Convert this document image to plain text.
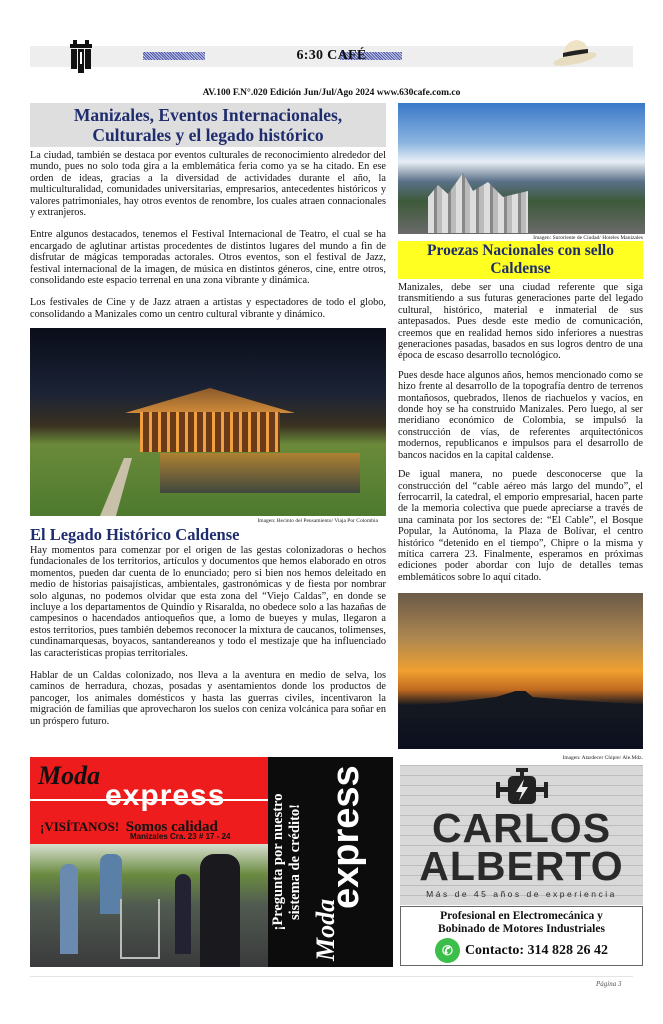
6:30 CAFÉ
AV.100 F.N°.020 Edición Jun/Jul/Ago 2024 www.630cafe.com.co
Manizales, Eventos Internacionales,
Culturales y el legado histórico

La ciudad, también se destaca por eventos culturales de reconocimiento alrededor del mundo, pues no solo toda gira a la emblemática feria como ya se ha citado. En ese orden de ideas, gracias a la diversidad de actividades durante el año, la multiculturalidad, comunidades universitarias, empresarios, antecedentes históricos y valores patrimoniales, hay otros eventos de renombre, los cuales atraen connacionales y extranjeros.

Entre algunos destacados, tenemos el Festival Internacional de Teatro, el cual se ha encargado de aglutinar artistas procedentes de distintos lugares del mundo a fin de disfrutar de mágicas temporadas actorales. Otros eventos, son el festival de Jazz, festival internacional de la imagen, de música en distintos géneros, cine, entre otros, consolidando este espacio terrenal en una zona vibrante y dinámica.

Los festivales de Cine y de Jazz atraen a artistas y espectadores de todo el globo, consolidando a Manizales como un centro cultural vibrante y dinámico.

Imagen: Recinto del Pensamiento/ Viaja Por Colombia
El Legado Histórico Caldense

Hay momentos para comenzar por el origen de las gestas colonizadoras o hechos fundacionales de los territorios, artículos y documentos que hemos elaborado en otros momentos, pueden dar cuenta de lo enunciado; pero si bien nos hemos deleitado en medio de historias paisajísticas, ambientales, gastronómicas y de fiesta por nombrar solo algunas, no podemos olvidar que esta zona del “Viejo Caldas”, en donde se incluye a los departamentos de Quindío y Risaralda, no obedece solo a las hazañas de campesinos o hacendados antioqueños que, a lomo de bueyes y mulas, llegaron a estos territorios, pues también debemos reconocer la mixtura de caucanos, tolimenses, cundinamarquesas, boyacos, santandereanos y todo el mestizaje que ha influenciado las características propias territoriales.

Hablar de un Caldas colonizado, nos lleva a la aventura en medio de selva, los caminos de herradura, chozas, posadas y asentamientos donde los productos de pancoger, los animales domésticos y hasta las guerras civiles, incentivaron la migración de familias que aprovecharon los suelos con ceniza volcánica para soñar en un próspero futuro.

Imagen: Suroriente de Ciudad/ Hoteles Manizales
Proezas Nacionales con sello
Caldense

Manizales, debe ser una ciudad referente que siga transmitiendo a sus futuras generaciones parte del legado cultural, histórico, material e inmaterial de sus antepasados. Pues desde este medio de comunicación, creemos que en realidad hemos sido inferiores a nuestras generaciones pasadas, basados en sus logros dentro de una época de escaso desarrollo tecnológico.

Pues desde hace algunos años, hemos mencionado como se hizo frente al desarrollo de la topografía dentro de terrenos montañosos, quebrados, llenos de riachuelos y vacíos, en donde hoy se ha construido Manizales. Pero luego, al ser meridiano económico de Colombia, se impulsó la construcción de vías, de referentes arquitectónicos modernos, republicanos e impulsos para el desarrollo de bancos nacidos en la capital caldense.

De igual manera, no puede desconocerse que la construcción del “cable aéreo más largo del mundo”, el ferrocarril, la catedral, el emporio empresarial, hacen parte de la memoria colectiva que puede apreciarse a través de una caminata por los sectores de: “El Cable”, el Bosque Popular, la Autónoma, la Plaza de Bolívar, el centro histórico “detenido en el tiempo”, Chipre o la misma y mítica carrera 23. Finalmente, esperamos en próximas ediciones poder abordar con lujo de detalles temas emblemáticos sobre lo aquí citado.

Imagen: Atardecer Chipre/ Ale.Mdz.
Moda
express
¡VISÍTANOS! Somos calidad
Manizales Cra. 23 # 17 - 24	¡Pregunta por nuestro sistema de crédito!
Moda
express	CARLOS
ALBERTO
Más de 45 años de experiencia
Profesional en Electromecánica y
Bobinado de Motores Industriales
✆ Contacto: 314 828 26 42
Página 3
